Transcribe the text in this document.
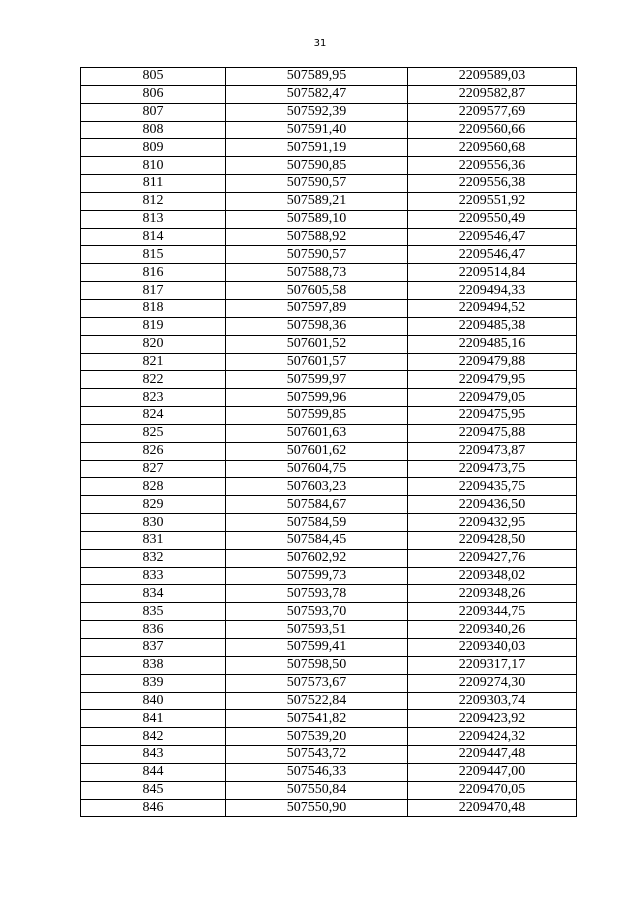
31
805	507589,95	2209589,03
806	507582,47	2209582,87
807	507592,39	2209577,69
808	507591,40	2209560,66
809	507591,19	2209560,68
810	507590,85	2209556,36
811	507590,57	2209556,38
812	507589,21	2209551,92
813	507589,10	2209550,49
814	507588,92	2209546,47
815	507590,57	2209546,47
816	507588,73	2209514,84
817	507605,58	2209494,33
818	507597,89	2209494,52
819	507598,36	2209485,38
820	507601,52	2209485,16
821	507601,57	2209479,88
822	507599,97	2209479,95
823	507599,96	2209479,05
824	507599,85	2209475,95
825	507601,63	2209475,88
826	507601,62	2209473,87
827	507604,75	2209473,75
828	507603,23	2209435,75
829	507584,67	2209436,50
830	507584,59	2209432,95
831	507584,45	2209428,50
832	507602,92	2209427,76
833	507599,73	2209348,02
834	507593,78	2209348,26
835	507593,70	2209344,75
836	507593,51	2209340,26
837	507599,41	2209340,03
838	507598,50	2209317,17
839	507573,67	2209274,30
840	507522,84	2209303,74
841	507541,82	2209423,92
842	507539,20	2209424,32
843	507543,72	2209447,48
844	507546,33	2209447,00
845	507550,84	2209470,05
846	507550,90	2209470,48
